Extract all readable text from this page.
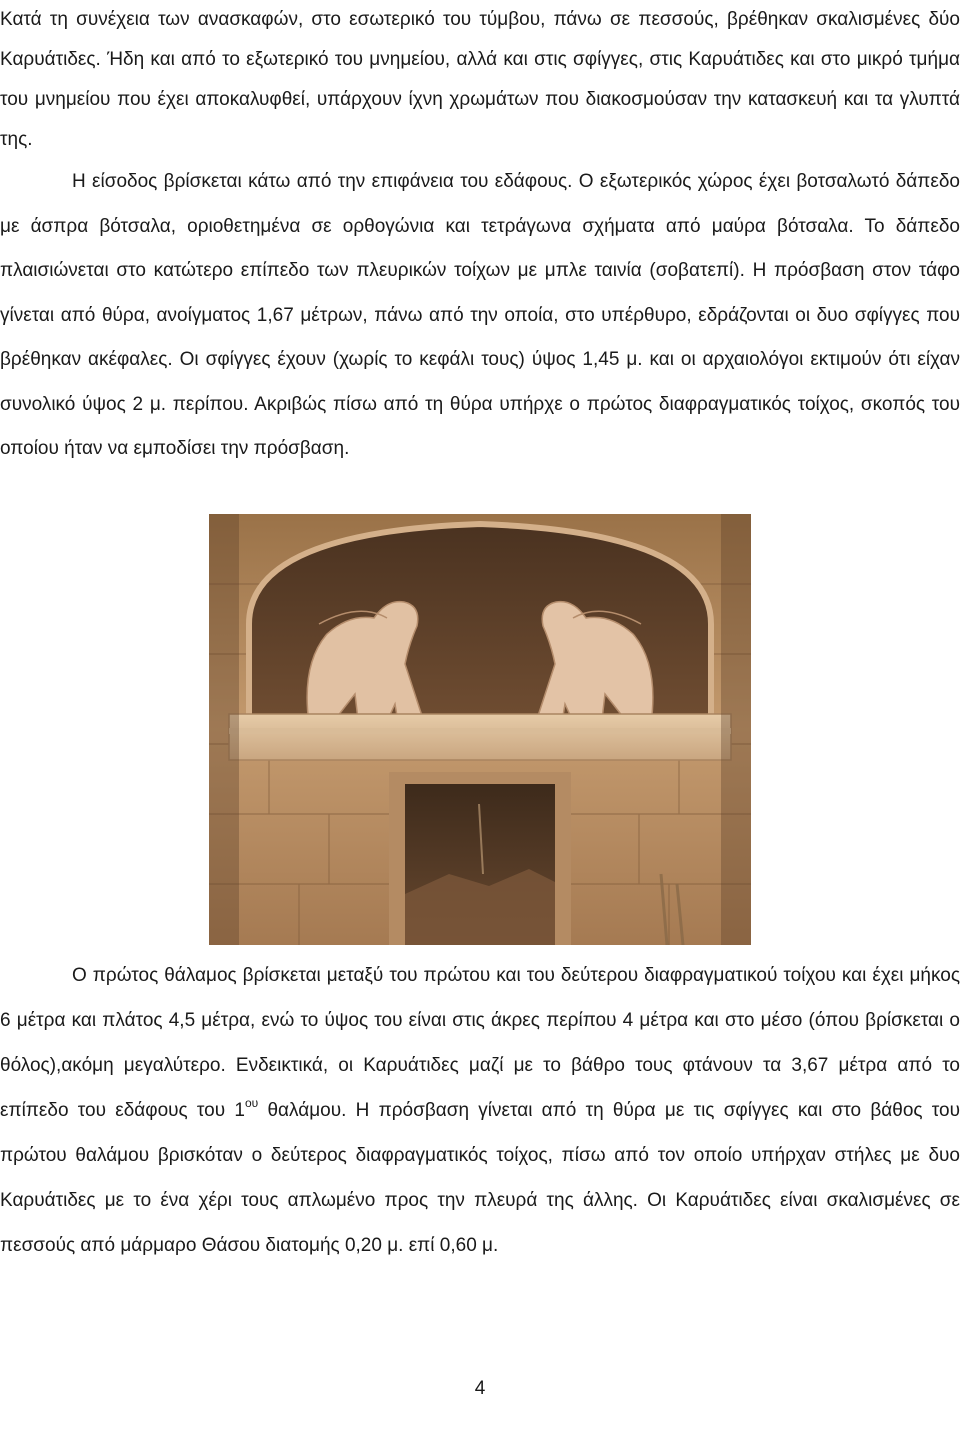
Κατά τη συνέχεια των ανασκαφών, στο εσωτερικό του τύμβου, πάνω σε πεσσούς, βρέθηκαν σκαλισμένες δύο Καρυάτιδες. Ήδη και από το εξωτερικό του μνημείου, αλλά και στις σφίγγες, στις Καρυάτιδες και στο μικρό τμήμα του μνημείου που έχει αποκαλυφθεί, υπάρχουν ίχνη χρωμάτων που διακοσμούσαν την κατασκευή και τα γλυπτά της.

Η είσοδος βρίσκεται κάτω από την επιφάνεια του εδάφους. Ο εξωτερικός χώρος έχει βοτσαλωτό δάπεδο με άσπρα βότσαλα, οριοθετημένα σε ορθογώνια και τετράγωνα σχήματα από μαύρα βότσαλα. Το δάπεδο πλαισιώνεται στο κατώτερο επίπεδο των πλευρικών τοίχων με μπλε ταινία (σοβατεπί). Η πρόσβαση στον τάφο γίνεται από θύρα, ανοίγματος 1,67 μέτρων, πάνω από την οποία, στο υπέρθυρο, εδράζονται οι δυο σφίγγες που βρέθηκαν ακέφαλες. Οι σφίγγες έχουν (χωρίς το κεφάλι τους) ύψος 1,45 μ. και οι αρχαιολόγοι εκτιμούν ότι είχαν συνολικό ύψος 2 μ. περίπου. Ακριβώς πίσω από τη θύρα υπήρχε ο πρώτος διαφραγματικός τοίχος, σκοπός του οποίου ήταν να εμποδίσει την πρόσβαση.

Ο πρώτος θάλαμος βρίσκεται μεταξύ του πρώτου και του δεύτερου διαφραγματικού τοίχου και έχει μήκος 6 μέτρα και πλάτος 4,5 μέτρα, ενώ το ύψος του είναι στις άκρες περίπου 4 μέτρα και στο μέσο (όπου βρίσκεται ο θόλος),ακόμη μεγαλύτερο. Ενδεικτικά, οι Καρυάτιδες μαζί με το βάθρο τους φτάνουν τα 3,67 μέτρα από το επίπεδο του εδάφους του $1^{o\upsilon}$ θαλάμου. Η πρόσβαση γίνεται από τη θύρα με τις σφίγγες και στο βάθος του πρώτου θαλάμου βρισκόταν ο δεύτερος διαφραγματικός τοίχος, πίσω από τον οποίο υπήρχαν στήλες με δυο Καρυάτιδες με το ένα χέρι τους απλωμένο προς την πλευρά της άλλης. Οι Καρυάτιδες είναι σκαλισμένες σε πεσσούς από μάρμαρο Θάσου διατομής 0,20 μ. επί 0,60 μ.

4
